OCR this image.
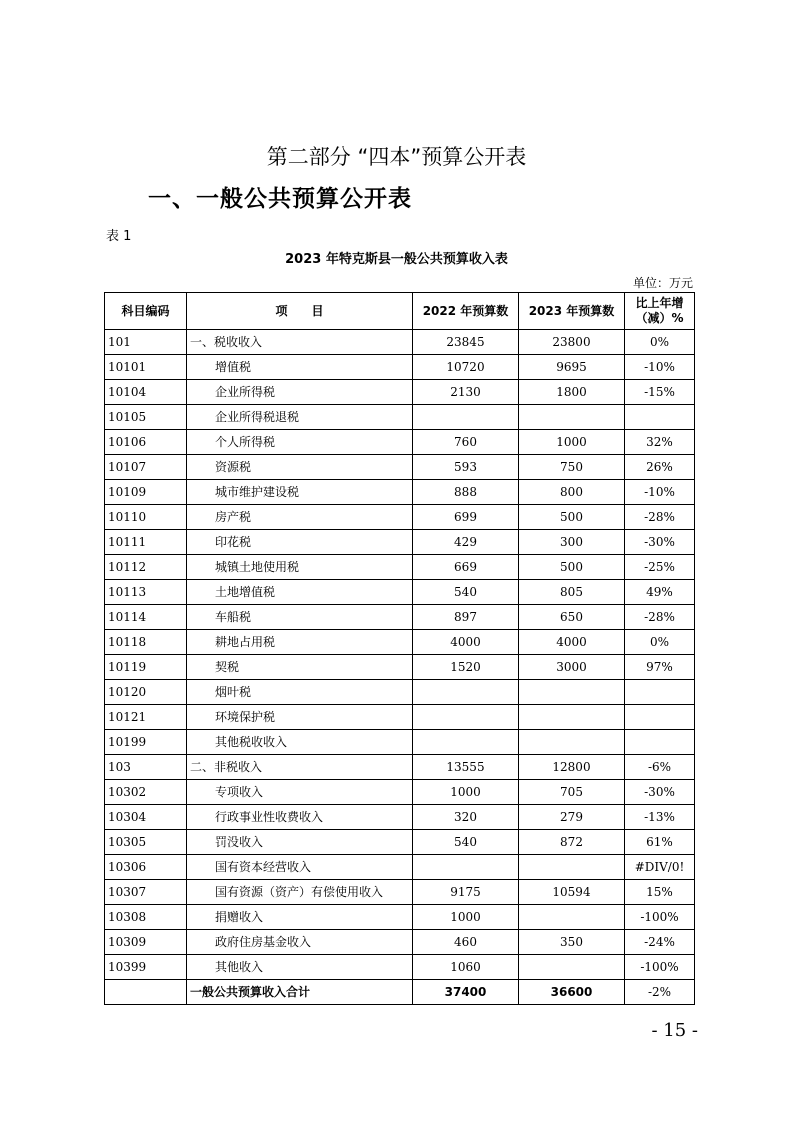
第二部分 “四本”预算公开表
一、一般公共预算公开表
表 1
2023 年特克斯县一般公共预算收入表
单位：万元
科目编码	项　　目	2022 年预算数	2023 年预算数	比上年增（减）%
101	一、税收收入	23845	23800	0%
10101	增值税	10720	9695	-10%
10104	企业所得税	2130	1800	-15%
10105	企业所得税退税			
10106	个人所得税	760	1000	32%
10107	资源税	593	750	26%
10109	城市维护建设税	888	800	-10%
10110	房产税	699	500	-28%
10111	印花税	429	300	-30%
10112	城镇土地使用税	669	500	-25%
10113	土地增值税	540	805	49%
10114	车船税	897	650	-28%
10118	耕地占用税	4000	4000	0%
10119	契税	1520	3000	97%
10120	烟叶税			
10121	环境保护税			
10199	其他税收收入			
103	二、非税收入	13555	12800	-6%
10302	专项收入	1000	705	-30%
10304	行政事业性收费收入	320	279	-13%
10305	罚没收入	540	872	61%
10306	国有资本经营收入			#DIV/0!
10307	国有资源（资产）有偿使用收入	9175	10594	15%
10308	捐赠收入	1000		-100%
10309	政府住房基金收入	460	350	-24%
10399	其他收入	1060		-100%
	一般公共预算收入合计	37400	36600	-2%
- 15 -
